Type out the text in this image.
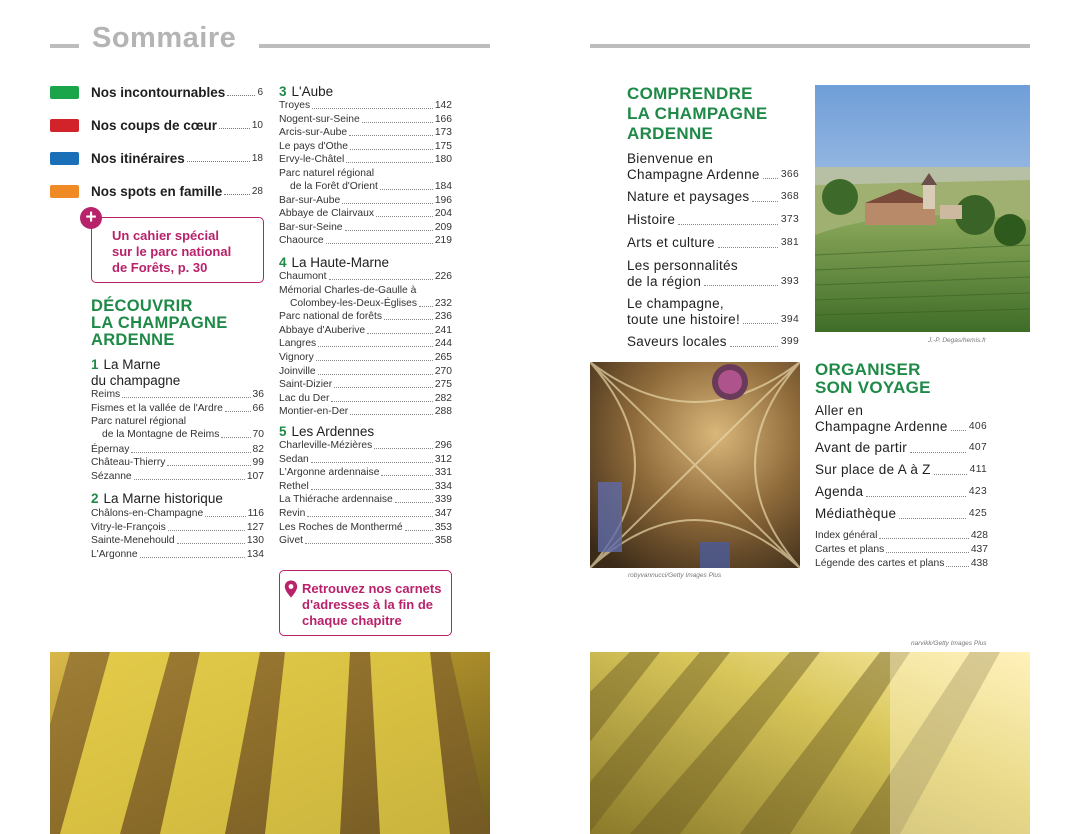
Sommaire
Nos incontournables	6
Nos coups de cœur	10
Nos itinéraires	18
Nos spots en famille	28
Un cahier spécial
sur le parc national
de Forêts, p. 30
+
DÉCOUVRIR
LA CHAMPAGNE
ARDENNE
1 La Marne
du champagne
2 La Marne historique
3 L'Aube
4 La Haute-Marne
5 Les Ardennes
Retrouvez nos carnets
d'adresses à la fin de
chaque chapitre
COMPRENDRE
LA CHAMPAGNE
ARDENNE
ORGANISER
SON VOYAGE
J.-P. Degas/hemis.fr
robyvannucci/Getty Images Plus
narvikk/Getty Images Plus
Reims	36
Fismes et la vallée de l'Ardre	66
Parc naturel régional
de la Montagne de Reims	70
Épernay	82
Château-Thierry	99
Sézanne	107
Châlons-en-Champagne	116
Vitry-le-François	127
Sainte-Menehould	130
L'Argonne	134
Troyes	142
Nogent-sur-Seine	166
Arcis-sur-Aube	173
Le pays d'Othe	175
Ervy-le-Châtel	180
Parc naturel régional
de la Forêt d'Orient	184
Bar-sur-Aube	196
Abbaye de Clairvaux	204
Bar-sur-Seine	209
Chaource	219
Chaumont	226
Mémorial Charles-de-Gaulle à
Colombey-les-Deux-Églises 232
Parc national de forêts	236
Abbaye d'Auberive	241
Langres	244
Vignory	265
Joinville	270
Saint-Dizier	275
Lac du Der	282
Montier-en-Der	288
Charleville-Mézières	296
Sedan	312
L'Argonne ardennaise	331
Rethel	334
La Thiérache ardennaise	339
Revin	347
Les Roches de Monthermé	353
Givet	358
Bienvenue en
Champagne Ardenne 366
Nature et paysages	368
Histoire	373
Arts et culture	381
Les personnalités
de la région	393
Le champagne,
toute une histoire!	394
Saveurs locales	399
Aller en
Champagne Ardenne 406
Avant de partir	407
Sur place de A à Z	411
Agenda	423
Médiathèque	425
Index général	428
Cartes et plans	437
Légende des cartes et plans	438
